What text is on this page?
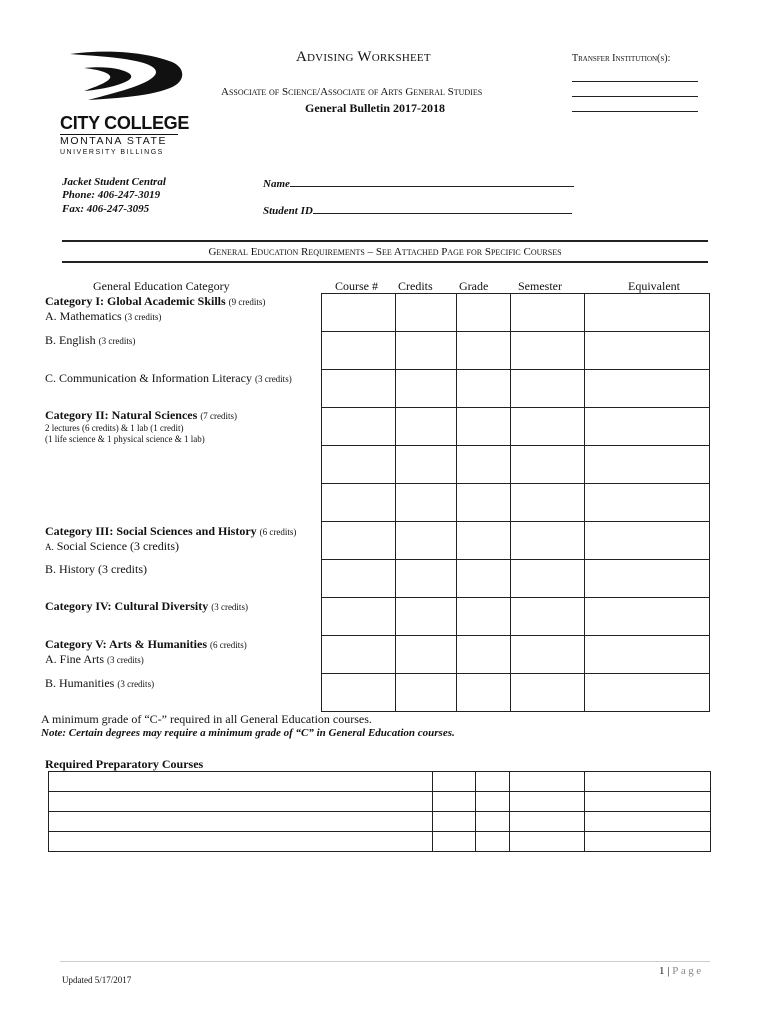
CITY COLLEGE
MONTANA STATE
UNIVERSITY BILLINGS
Advising Worksheet	Transfer Institution(s):
Associate of Science/Associate of Arts General Studies
General Bulletin 2017-2018
Jacket Student Central
Phone: 406-247-3019
Fax: 406-247-3095
Name
Student ID
General Education Requirements – See Attached Page for Specific Courses
General Education Category	Course # Credits Grade Semester	Equivalent

Category I: Global Academic Skills (9 credits)
A. Mathematics (3 credits)
B. English (3 credits)
C. Communication & Information Literacy (3 credits)
Category II: Natural Sciences (7 credits)
2 lectures (6 credits) & 1 lab (1 credit)
(1 life science & 1 physical science & 1 lab)
Category III: Social Sciences and History (6 credits)
A. Social Science (3 credits)
B. History (3 credits)
Category IV: Cultural Diversity (3 credits)
Category V: Arts & Humanities (6 credits)
A. Fine Arts (3 credits)
B. Humanities (3 credits)
A minimum grade of “C-” required in all General Education courses.
Note: Certain degrees may require a minimum grade of “C” in General Education courses.
Required Preparatory Courses

1 | Page
Updated 5/17/2017
